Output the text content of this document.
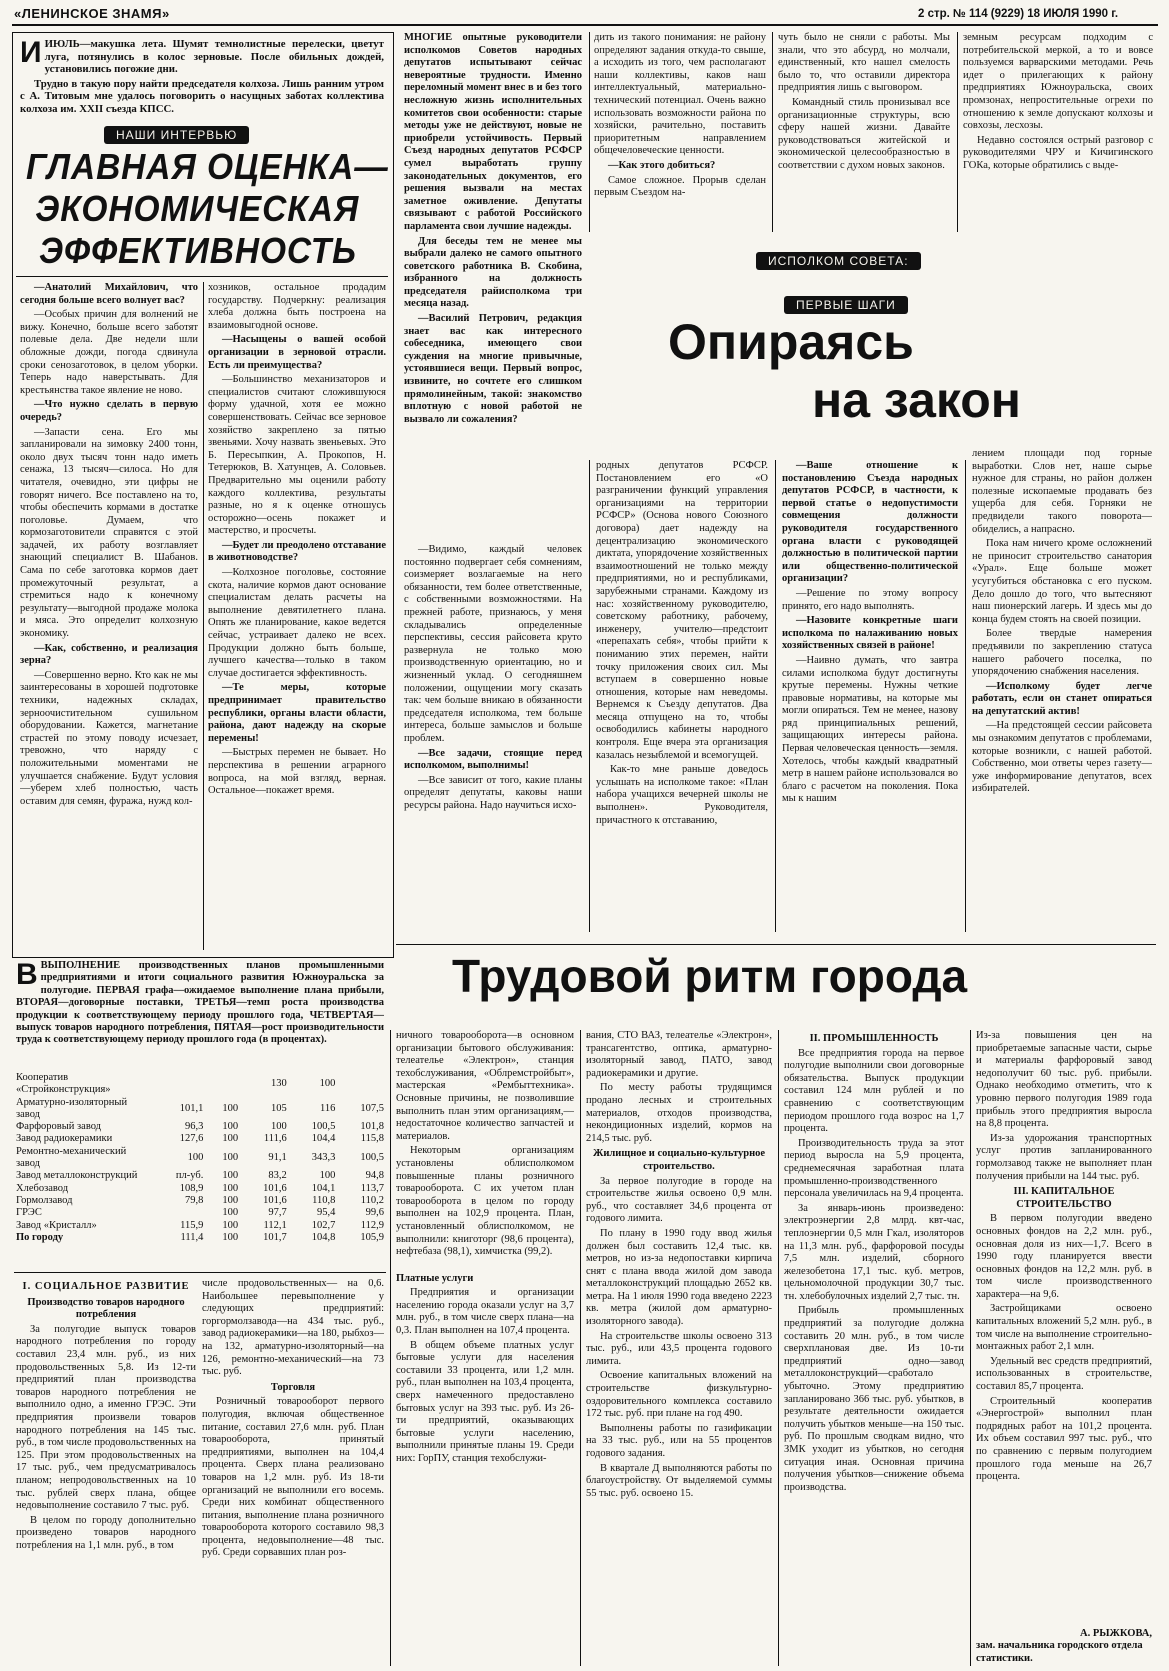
«ЛЕНИНСКОЕ ЗНАМЯ»	2 стр. № 114 (9229) 18 ИЮЛЯ 1990 г.
И ИЮЛЬ—макушка лета. Шумят темнолистные перелески, цветут луга, потянулись в колос зерновые. После обильных дождей, установились погожие дни.

Трудно в такую пору найти председателя колхоза. Лишь ранним утром с А. Титовым мне удалось поговорить о насущных заботах коллектива колхоза им. XXII съезда КПСС.

НАШИ ИНТЕРВЬЮ
ГЛАВНАЯ ОЦЕНКА—
ЭКОНОМИЧЕСКАЯ
ЭФФЕКТИВНОСТЬ

—Анатолий Михайлович, что сегодня больше всего волнует вас?

—Особых причин для волнений не вижу. Конечно, больше всего заботят полевые дела. Две недели шли обложные дожди, погода сдвинула сроки сенозаготовок, в целом уборки. Теперь надо наверстывать. Для крестьянства такое явление не ново.

—Что нужно сделать в первую очередь?

—Запасти сена. Его мы запланировали на зимовку 2400 тонн, около двух тысяч тонн надо иметь сенажа, 13 тысяч—силоса. Но для читателя, очевидно, эти цифры не говорят ничего. Все поставлено на то, чтобы обеспечить кормами в достатке поголовье. Думаем, что кормозаготовители справятся с этой задачей, их работу возглавляет знающий специалист В. Шабанов. Сама по себе заготовка кормов дает промежуточный результат, а стремиться надо к конечному результату—выгодной продаже молока и мяса. Это определит колхозную экономику.

—Как, собственно, и реализация зерна?

—Совершенно верно. Кто как не мы заинтересованы в хорошей подготовке техники, надежных складах, зерноочистительном сушильном оборудовании. Кажется, магнетание страстей по этому поводу исчезает, тревожно, что наряду с положительными моментами не улучшается снабжение. Будут условия—уберем хлеб полностью, часть оставим для семян, фуража, нужд кол-

хозников, остальное продадим государству. Подчеркну: реализация хлеба должна быть построена на взаимовыгодной основе.

—Насыщены о вашей особой организации в зерновой отрасли. Есть ли преимущества?

—Большинство механизаторов и специалистов считают сложившуюся форму удачной, хотя ее можно совершенствовать. Сейчас все зерновое хозяйство закреплено за пятью звеньями. Хочу назвать звеньевых. Это Б. Пересыпкин, А. Прокопов, Н. Тетерюков, В. Хатунцев, А. Соловьев. Предварительно мы оценили работу каждого коллектива, результаты разные, но я к оценке отношусь осторожно—осень покажет и мастерство, и просчеты.

—Будет ли преодолено отставание в животноводстве?

—Колхозное поголовье, состояние скота, наличие кормов дают основание специалистам делать расчеты на выполнение девятилетнего плана. Опять же планирование, какое ведется сейчас, устраивает далеко не всех. Продукции должно быть больше, лучшего качества—только в таком случае достигается эффективность.

—Те меры, которые предпринимает правительство республики, органы власти области, района, дают надежду на скорые перемены!

—Быстрых перемен не бывает. Но перспектива в решении аграрного вопроса, на мой взгляд, верная. Остальное—покажет время.

МНОГИЕ опытные руководители исполкомов Советов народных депутатов испытывают сейчас невероятные трудности. Именно переломный момент внес в и без того несложную жизнь исполнительных комитетов свои особенности: старые методы уже не действуют, новые не приобрели устойчивость. Первый Съезд народных депутатов РСФСР сумел выработать группу законодательных документов, его решения вызвали на местах заметное оживление. Депутаты связывают с работой Российского парламента свои лучшие надежды.

Для беседы тем не менее мы выбрали далеко не самого опытного советского работника В. Скобина, избранного на должность председателя райисполкома три месяца назад.

—Василий Петрович, редакция знает вас как интересного собеседника, имеющего свои суждения на многие привычные, устоявшиеся вещи. Первый вопрос, извините, но сочтете его слишком прямолинейным, такой: знакомство вплотную с новой работой не вызвало ли сожаления?

дить из такого понимания: не району определяют задания откуда-то свыше, а исходить из того, чем располагают наши коллективы, каков наш интеллектуальный, материально-технический потенциал. Очень важно использовать возможности района по хозяйски, рачительно, поставить приоритетным направлением общечеловеческие ценности.

—Как этого добиться?

Самое сложное. Прорыв сделан первым Съездом на-

чуть было не сняли с работы. Мы знали, что это абсурд, но молчали, единственный, кто нашел смелость было то, что оставили директора предприятия лишь с выговором.

Командный стиль пронизывал все организационные структуры, всю сферу нашей жизни. Давайте руководствоваться житейской и экономической целесообразностью в соответствии с духом новых законов.

земным ресурсам подходим с потребительской меркой, а то и вовсе пользуемся варварскими методами. Речь идет о прилегающих к району предприятиях Южноуральска, своих промзонах, непростительные огрехи по отношению к земле допускают колхозы и совхозы, лесхозы.

Недавно состоялся острый разговор с руководителями ЧРУ и Кичигинского ГОКа, которые обратились с выде-

ИСПОЛКОМ СОВЕТА:
ПЕРВЫЕ ШАГИ
Опираясь
на закон

—Видимо, каждый человек постоянно подвергает себя сомнениям, соизмеряет возлагаемые на него обязанности, тем более ответственные, с собственными возможностями. На прежней работе, признаюсь, у меня складывались определенные перспективы, сессия райсовета круто развернула не только мою производственную ориентацию, но и жизненный уклад. О сегодняшнем положении, ощущении могу сказать так: чем больше вникаю в обязанности председателя исполкома, тем больше интереса, больше замыслов и больше проблем.

—Все задачи, стоящие перед исполкомом, выполнимы!

—Все зависит от того, какие планы определят депутаты, каковы наши ресурсы района. Надо научиться исхо-

родных депутатов РСФСР. Постановлением его «О разграничении функций управления организациями на территории РСФСР» (Основа нового Союзного договора) дает надежду на децентрализацию экономического диктата, упорядочение хозяйственных взаимоотношений не только между предприятиями, но и республиками, зарубежными странами. Каждому из нас: хозяйственному руководителю, советскому работнику, рабочему, инженеру, учителю—предстоит «перепахать себя», чтобы прийти к пониманию этих перемен, найти точку приложения своих сил. Мы вступаем в совершенно новые отношения, которые нам неведомы. Вернемся к Съезду депутатов. Два месяца отпущено на то, чтобы освободились кабинеты народного контроля. Еще вчера эта организация казалась незыблемой и всемогущей.

Как-то мне раньше доведось услышать на исполкоме такое: «План набора учащихся вечерней школы не выполнен». Руководителя, причастного к отставанию,

—Ваше отношение к постановлению Съезда народных депутатов РСФСР, в частности, к первой статье о недопустимости совмещения должности руководителя государственного органа власти с руководящей должностью в политической партии или общественно-политической организации?

—Решение по этому вопросу принято, его надо выполнять.

—Назовите конкретные шаги исполкома по налаживанию новых хозяйственных связей в районе!

—Наивно думать, что завтра силами исполкома будут достигнуты крутые перемены. Нужны четкие правовые нормативы, на которые мы могли опираться. Тем не менее, назову ряд принципиальных решений, защищающих интересы района. Первая человеческая ценность—земля. Хотелось, чтобы каждый квадратный метр в нашем районе использовался во благо с расчетом на поколения. Пока мы к нашим

лением площади под горные выработки. Слов нет, наше сырье нужное для страны, но район должен полезные ископаемые продавать без ущерба для себя. Горняки не предвидели такого поворота—обиделись, а напрасно.

Пока нам ничего кроме осложнений не приносит строительство санатория «Урал». Еще больше может усугубиться обстановка с его пуском. Дело дошло до того, что вытесняют наш пионерский лагерь. И здесь мы до конца будем стоять на своей позиции.

Более твердые намерения предъявили по закреплению статуса нашего рабочего поселка, по упорядочению снабжения населения.

—Исполкому будет легче работать, если он станет опираться на депутатский актив!

—На предстоящей сессии райсовета мы ознакомим депутатов с проблемами, которые возникли, с нашей работой. Собственно, мои ответы через газету—уже информирование депутатов, всех избирателей.

Трудовой ритм города
В ВЫПОЛНЕНИЕ производственных планов промышленными предприятиями и итоги социального развития Южноуральска за полугодие. ПЕРВАЯ графа—ожидаемое выполнение плана прибыли, ВТОРАЯ—договорные поставки, ТРЕТЬЯ—темп роста производства продукции к соответствующему периоду прошлого года, ЧЕТВЕРТАЯ—выпуск товаров народного потребления, ПЯТАЯ—рост производительности труда к соответствующему периоду прошлого года (в процентах).
Кооператив «Стройконструкция»			130	100	
Арматурно-изоляторный завод	101,1	100	105	116	107,5
Фарфоровый завод	96,3	100	100	100,5	101,8
Завод радиокерамики	127,6	100	111,6	104,4	115,8
Ремонтно-механический завод	100	100	91,1	343,3	100,5
Завод металлоконструкций	пл-уб.	100	83,2	100	94,8
Хлебозавод	108,9	100	101,6	104,1	113,7
Гормолзавод	79,8	100	101,6	110,8	110,2
ГРЭС		100	97,7	95,4	99,6
Завод «Кристалл»	115,9	100	112,1	102,7	112,9
По городу	111,4	100	101,7	104,8	105,9

I. СОЦИАЛЬНОЕ РАЗВИТИЕ

Производство товаров народного потребления

За полугодие выпуск товаров народного потребления по городу составил 23,4 млн. руб., из них продовольственных 5,8. Из 12-ти предприятий план производства товаров народного потребления не выполнило одно, а именно ГРЭС. Эти предприятия произвели товаров народного потребления на 145 тыс. руб., в том числе продовольственных на 125. При этом продовольственных на 17 тыс. руб., чем предусматривалось планом; непродовольственных на 10 тыс. рублей сверх плана, общее недовыполнение составило 7 тыс. руб.

В целом по городу дополнительно произведено товаров народного потребления на 1,1 млн. руб., в том

числе продовольственных— на 0,6. Наибольшее перевыполнение у следующих предприятий: горгормолзавода—на 434 тыс. руб., завод радиокерамики—на 180, рыбхоз—на 132, арматурно-изоляторный—на 126, ремонтно-механический—на 73 тыс. руб.

Торговля

Розничный товарооборот первого полугодия, включая общественное питание, составил 27,6 млн. руб. План товарооборота, принятый предприятиями, выполнен на 104,4 процента. Сверх плана реализовано товаров на 1,2 млн. руб. Из 18-ти организаций не выполнили его восемь. Среди них комбинат общественного питания, выполнение плана розничного товарооборота которого составило 98,3 процента, недовыполнение—48 тыс. руб. Среди сорвавших план роз-

ничного товарооборота—в основном организации бытового обслуживания: телеателье «Электрон», станция техобслуживания, «Облремстройбыт», мастерская «Рембыттехника». Основные причины, не позволившие выполнить план этим организациям,—недостаточное количество запчастей и материалов.

Некоторым организациям установлены облисполкомом повышенные планы розничного товарооборота. С их учетом план товарооборота в целом по городу выполнен на 102,9 процента. План, установленный облисполкомом, не выполнили: книготорг (98,6 процента), нефтебаза (98,1), химчистка (99,2).

Платные услуги

Предприятия и организации населению города оказали услуг на 3,7 млн. руб., в том числе сверх плана—на 0,3. План выполнен на 107,4 процента.

В общем объеме платных услуг бытовые услуги для населения составили 33 процента, или 1,2 млн. руб., план выполнен на 103,4 процента, сверх намеченного предоставлено бытовых услуг на 393 тыс. руб. Из 26-ти предприятий, оказывающих бытовые услуги населению, выполнили принятые планы 19. Среди них: ГорПУ, станция техобслужи-

вания, СТО ВАЗ, телеателье «Электрон», трансагентство, оптика, арматурно-изоляторный завод, ПАТО, завод радиокерамики и другие.

По месту работы трудящимся продано лесных и строительных материалов, отходов производства, некондиционных изделий, кормов на 214,5 тыс. руб.

Жилищное и социально-культурное строительство.

За первое полугодие в городе на строительстве жилья освоено 0,9 млн. руб., что составляет 34,6 процента от годового лимита.

По плану в 1990 году ввод жилья должен был составить 12,4 тыс. кв. метров, но из-за недопоставки кирпича снят с плана ввода жилой дом завода металлоконструкций площадью 2652 кв. метра. На 1 июля 1990 года введено 2223 кв. метра (жилой дом арматурно-изоляторного завода).

На строительстве школы освоено 313 тыс. руб., или 43,5 процента годового лимита.

Освоение капитальных вложений на строительстве физкультурно-оздоровительного комплекса составило 172 тыс. руб. при плане на год 490.

Выполнены работы по газификации на 33 тыс. руб., или на 55 процентов годового задания.

В квартале Д выполняются работы по благоустройству. От выделяемой суммы 55 тыс. руб. освоено 15.

II. ПРОМЫШЛЕННОСТЬ

Все предприятия города на первое полугодие выполнили свои договорные обязательства. Выпуск продукции составил 124 млн рублей и по сравнению с соответствующим периодом прошлого года возрос на 1,7 процента.

Производительность труда за этот период выросла на 5,9 процента, среднемесячная заработная плата промышленно-производственного персонала увеличилась на 9,4 процента.

За январь-июнь произведено: электроэнергии 2,8 млрд. квт-час, теплоэнергии 0,5 млн Гкал, изоляторов на 11,3 млн. руб., фарфоровой посуды 7,5 млн. изделий, сборного железобетона 17,1 тыс. куб. метров, цельномолочной продукции 30,7 тыс. тн. хлебобулочных изделий 2,7 тыс. тн.

Прибыль промышленных предприятий за полугодие должна составить 20 млн. руб., в том числе сверхплановая две. Из 10-ти предприятий одно—завод металлоконструкций—сработало убыточно. Этому предприятию запланировано 366 тыс. руб. убытков, в результате деятельности ожидается получить убытков меньше—на 150 тыс. руб. По прошлым сводкам видно, что ЗМК уходит из убытков, но сегодня ситуация иная. Основная причина получения убытков—снижение объема производства.

Из-за повышения цен на приобретаемые запасные части, сырье и материалы фарфоровый завод недополучит 60 тыс. руб. прибыли. Однако необходимо отметить, что к уровню первого полугодия 1989 года прибыль этого предприятия выросла на 8,8 процента.

Из-за удорожания транспортных услуг против запланированного гормолзавод также не выполняет план получения прибыли на 144 тыс. руб.

III. КАПИТАЛЬНОЕ СТРОИТЕЛЬСТВО

В первом полугодии введено основных фондов на 2,2 млн. руб., основная доля из них—1,7. Всего в 1990 году планируется ввести основных фондов на 12,2 млн. руб. в том числе производственного характера—на 9,6.

Застройщиками освоено капитальных вложений 5,2 млн. руб., в том числе на выполнение строительно-монтажных работ 2,1 млн.

Удельный вес средств предприятий, использованных в строительстве, составил 85,7 процента.

Строительный кооператив «Энергострой» выполнил план подрядных работ на 101,2 процента. Их объем составил 997 тыс. руб., что по сравнению с первым полугодием прошлого года меньше на 26,7 процента.

А. РЫЖКОВА,
зам. начальника городского отдела статистики.
